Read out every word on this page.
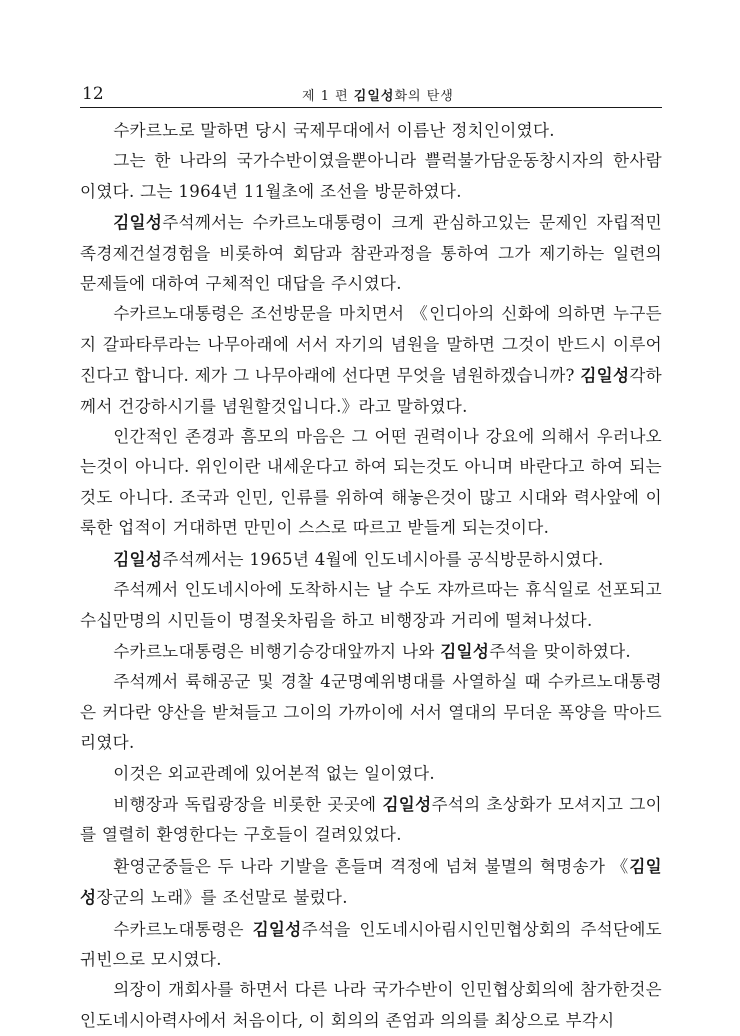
12	제 1 편 김일성화의 탄생

수카르노로 말하면 당시 국제무대에서 이름난 정치인이였다.

그는 한 나라의 국가수반이였을뿐아니라 쁠럭불가담운동창시자의 한사람이였다. 그는 1964년 11월초에 조선을 방문하였다.

김일성주석께서는 수카르노대통령이 크게 관심하고있는 문제인 자립적민족경제건설경험을 비롯하여 회담과 참관과정을 통하여 그가 제기하는 일련의 문제들에 대하여 구체적인 대답을 주시였다.

수카르노대통령은 조선방문을 마치면서 《인디아의 신화에 의하면 누구든지 갈파타루라는 나무아래에 서서 자기의 념원을 말하면 그것이 반드시 이루어진다고 합니다. 제가 그 나무아래에 선다면 무엇을 념원하겠습니까? 김일성각하께서 건강하시기를 념원할것입니다.》라고 말하였다.

인간적인 존경과 흠모의 마음은 그 어떤 권력이나 강요에 의해서 우러나오는것이 아니다. 위인이란 내세운다고 하여 되는것도 아니며 바란다고 하여 되는것도 아니다. 조국과 인민, 인류를 위하여 해놓은것이 많고 시대와 력사앞에 이룩한 업적이 거대하면 만민이 스스로 따르고 받들게 되는것이다.

김일성주석께서는 1965년 4월에 인도네시아를 공식방문하시였다.

주석께서 인도네시아에 도착하시는 날 수도 쟈까르따는 휴식일로 선포되고 수십만명의 시민들이 명절옷차림을 하고 비행장과 거리에 떨쳐나섰다.

수카르노대통령은 비행기승강대앞까지 나와 김일성주석을 맞이하였다.

주석께서 륙해공군 및 경찰 4군명예위병대를 사열하실 때 수카르노대통령은 커다란 양산을 받쳐들고 그이의 가까이에 서서 열대의 무더운 폭양을 막아드리였다.

이것은 외교관례에 있어본적 없는 일이였다.

비행장과 독립광장을 비롯한 곳곳에 김일성주석의 초상화가 모셔지고 그이를 열렬히 환영한다는 구호들이 걸려있었다.

환영군중들은 두 나라 기발을 흔들며 격정에 넘쳐 불멸의 혁명송가 《김일성장군의 노래》를 조선말로 불렀다.

수카르노대통령은 김일성주석을 인도네시아림시인민협상회의 주석단에도 귀빈으로 모시였다.

의장이 개회사를 하면서 다른 나라 국가수반이 인민협상회의에 참가한것은 인도네시아력사에서 처음이다, 이 회의의 존엄과 의의를 최상으로 부각시
